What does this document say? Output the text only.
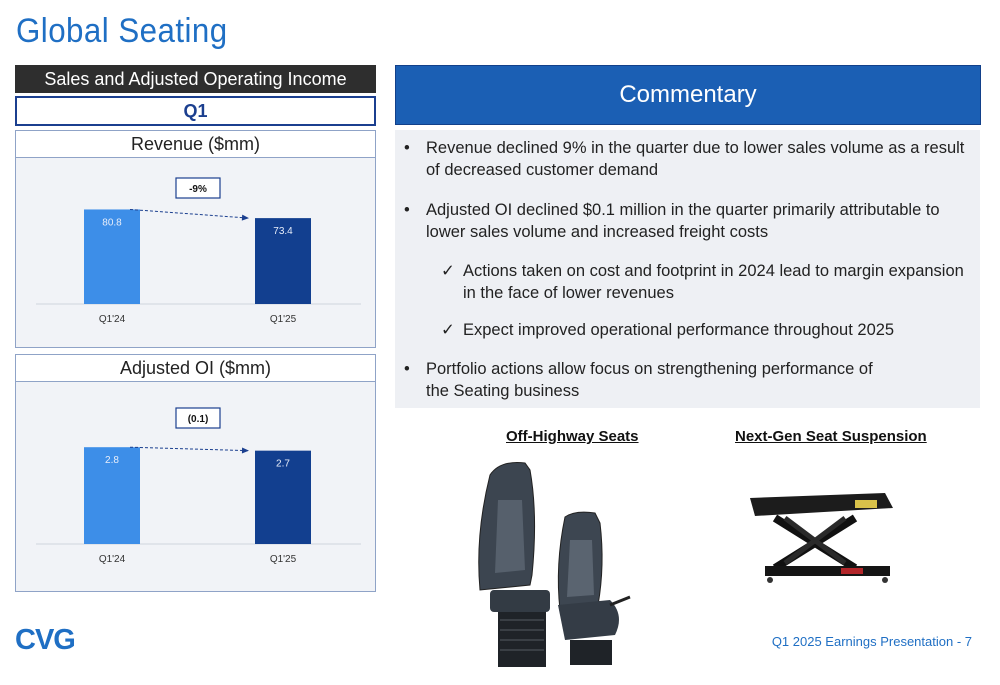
Global Seating
Sales and Adjusted Operating Income
Q1
Revenue ($mm)
80.8
Q1'24
73.4
Q1'25
-9%
Adjusted OI ($mm)
2.8
Q1'24
2.7
Q1'25
(0.1)
Commentary
• Revenue declined 9% in the quarter due to lower sales volume as a result of decreased customer demand
• Adjusted OI declined $0.1 million in the quarter primarily attributable to lower sales volume and increased freight costs
✓ Actions taken on cost and footprint in 2024 lead to margin expansion in the face of lower revenues
✓ Expect improved operational performance throughout 2025
• Portfolio actions allow focus on strengthening performance of the Seating business
Off-Highway Seats	Next-Gen Seat Suspension
CVG	Q1 2025 Earnings Presentation - 7
